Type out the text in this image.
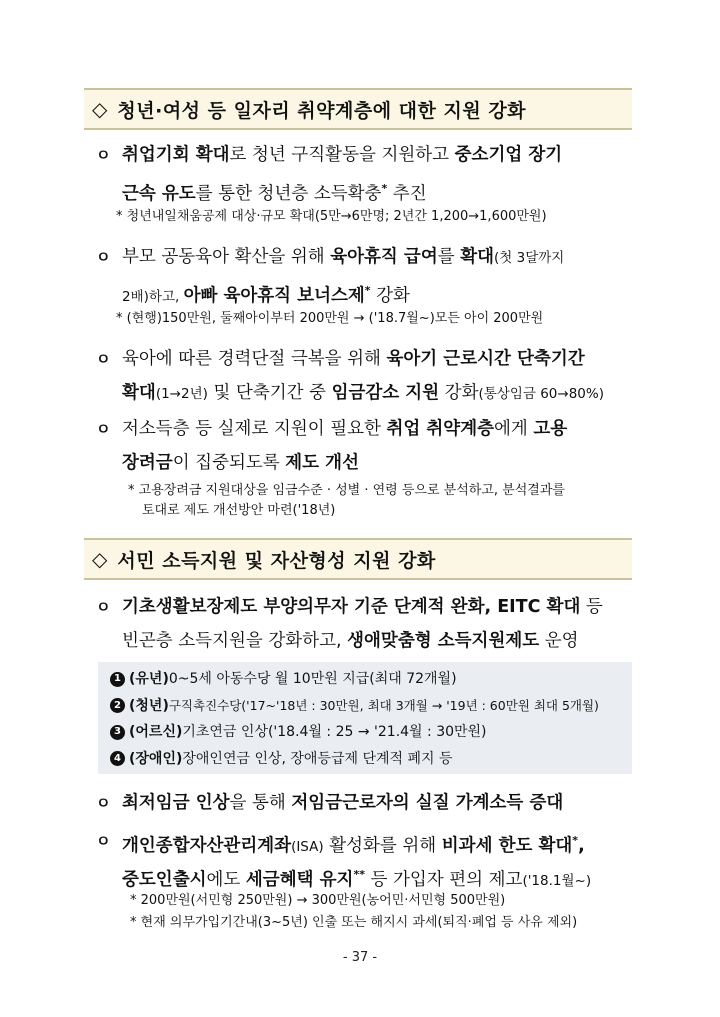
◇ 청년·여성 등 일자리 취약계층에 대한 지원 강화
ㅇ 취업기회 확대로 청년 구직활동을 지원하고 중소기업 장기
근속 유도를 통한 청년층 소득확충* 추진
* 청년내일채움공제 대상·규모 확대(5만→6만명; 2년간 1,200→1,600만원)
ㅇ 부모 공동육아 확산을 위해 육아휴직 급여를 확대(첫 3달까지
2배)하고, 아빠 육아휴직 보너스제* 강화
* (현행)150만원, 둘째아이부터 200만원 → ('18.7월~)모든 아이 200만원
ㅇ 육아에 따른 경력단절 극복을 위해 육아기 근로시간 단축기간
확대(1→2년) 및 단축기간 중 임금감소 지원 강화(통상임금 60→80%)
ㅇ 저소득층 등 실제로 지원이 필요한 취업 취약계층에게 고용
장려금이 집중되도록 제도 개선
* 고용장려금 지원대상을 임금수준 · 성별 · 연령 등으로 분석하고, 분석결과를
토대로 제도 개선방안 마련('18년)
◇ 서민 소득지원 및 자산형성 지원 강화
ㅇ 기초생활보장제도 부양의무자 기준 단계적 완화, EITC 확대 등
빈곤층 소득지원을 강화하고, 생애맞춤형 소득지원제도 운영
1 (유년) 0~5세 아동수당 월 10만원 지급(최대 72개월)
2 (청년) 구직촉진수당('17~'18년 : 30만원, 최대 3개월 → '19년 : 60만원 최대 5개월)
3 (어르신) 기초연금 인상('18.4월 : 25 → '21.4월 : 30만원)
4 (장애인) 장애인연금 인상, 장애등급제 단계적 폐지 등
ㅇ 최저임금 인상을 통해 저임금근로자의 실질 가계소득 증대
ㅇ 개인종합자산관리계좌(ISA) 활성화를 위해 비과세 한도 확대*,
중도인출시에도 세금혜택 유지** 등 가입자 편의 제고('18.1월~)
* 200만원(서민형 250만원) → 300만원(농어민·서민형 500만원)
* 현재 의무가입기간내(3~5년) 인출 또는 해지시 과세(퇴직·폐업 등 사유 제외)
- 37 -
